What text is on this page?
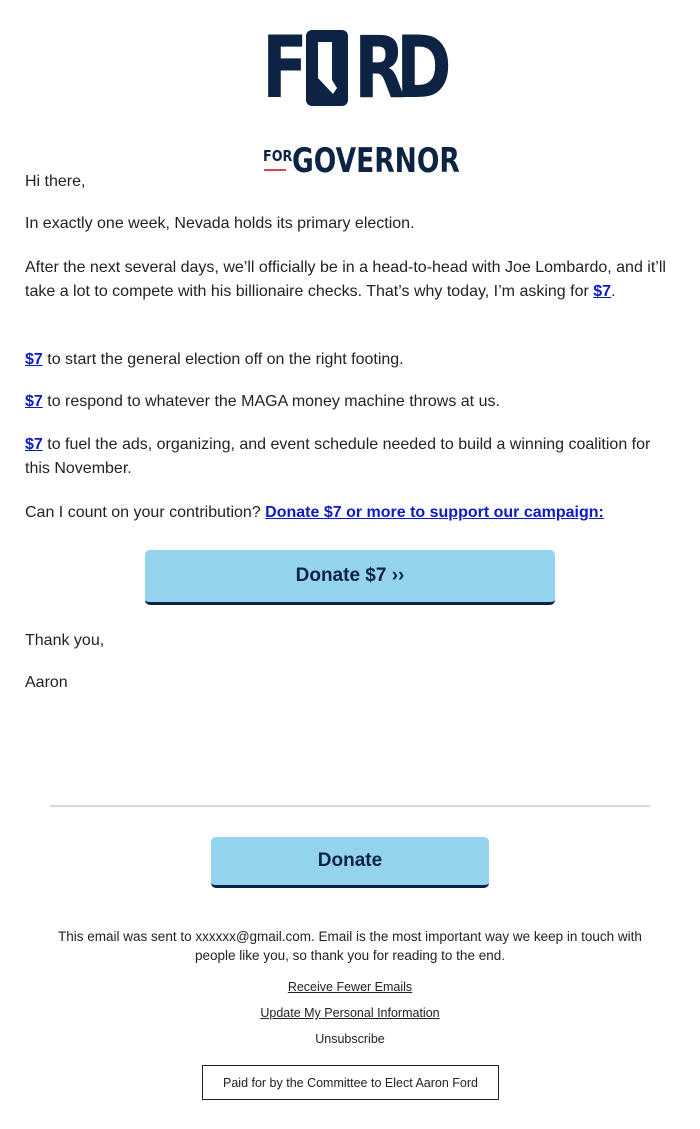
F R
D
FOR GOVERNOR

Hi there,

In exactly one week, Nevada holds its primary election.

After the next several days, we’ll officially be in a head-to-head with Joe Lombardo, and it’ll take a lot to compete with his billionaire checks. That’s why today, I’m asking for $7.

$7 to start the general election off on the right footing.

$7 to respond to whatever the MAGA money machine throws at us.

$7 to fuel the ads, organizing, and event schedule needed to build a winning coalition for this November.

Can I count on your contribution? Donate $7 or more to support our campaign:

Donate $7 ››

Thank you,

Aaron

Donate

This email was sent to xxxxxx@gmail.com. Email is the most important way we keep in touch with people like you, so thank you for reading to the end.

Receive Fewer Emails
Update My Personal Information
Unsubscribe
Paid for by the Committee to Elect Aaron Ford
